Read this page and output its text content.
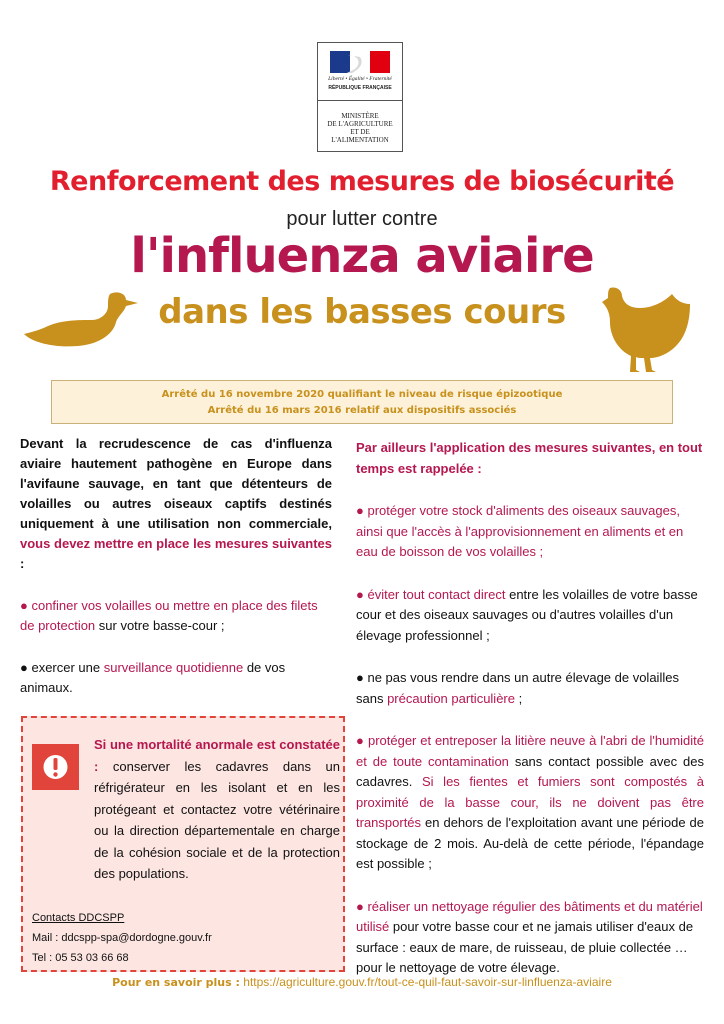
Liberté • Égalité • Fraternité
RÉPUBLIQUE FRANÇAISE
MINISTÈRE
DE L'AGRICULTURE
ET DE
L'ALIMENTATION
Renforcement des mesures de biosécurité
pour lutter contre
l'influenza aviaire
dans les basses cours
Arrêté du 16 novembre 2020 qualifiant le niveau de risque épizootique
Arrêté du 16 mars 2016 relatif aux dispositifs associés

Devant la recrudescence de cas d'influenza aviaire hautement pathogène en Europe dans l'avifaune sauvage, en tant que détenteurs de volailles ou autres oiseaux captifs destinés uniquement à une utilisation non commerciale, vous devez mettre en place les mesures suivantes :

● confiner vos volailles ou mettre en place des filets de protection sur votre basse-cour ;

● exercer une surveillance quotidienne de vos animaux.

Si une mortalité anormale est constatée : conserver les cadavres dans un réfrigérateur en les isolant et en les protégeant et contactez votre vétérinaire ou la direction départementale en charge de la cohésion sociale et de la protection des populations.

Contacts DDCSPP
Mail : ddcspp-spa@dordogne.gouv.fr
Tel : 05 53 03 66 68

Par ailleurs l'application des mesures suivantes, en tout temps est rappelée :

● protéger votre stock d'aliments des oiseaux sauvages, ainsi que l'accès à l'approvisionnement en aliments et en eau de boisson de vos volailles ;

● éviter tout contact direct entre les volailles de votre basse cour et des oiseaux sauvages ou d'autres volailles d'un élevage professionnel ;

● ne pas vous rendre dans un autre élevage de volailles sans précaution particulière ;

● protéger et entreposer la litière neuve à l'abri de l'humidité et de toute contamination sans contact possible avec des cadavres. Si les fientes et fumiers sont compostés à proximité de la basse cour, ils ne doivent pas être transportés en dehors de l'exploitation avant une période de stockage de 2 mois. Au-delà de cette période, l'épandage est possible ;

● réaliser un nettoyage régulier des bâtiments et du matériel utilisé pour votre basse cour et ne jamais utiliser d'eaux de surface : eaux de mare, de ruisseau, de pluie collectée … pour le nettoyage de votre élevage.

Pour en savoir plus : https://agriculture.gouv.fr/tout-ce-quil-faut-savoir-sur-linfluenza-aviaire
